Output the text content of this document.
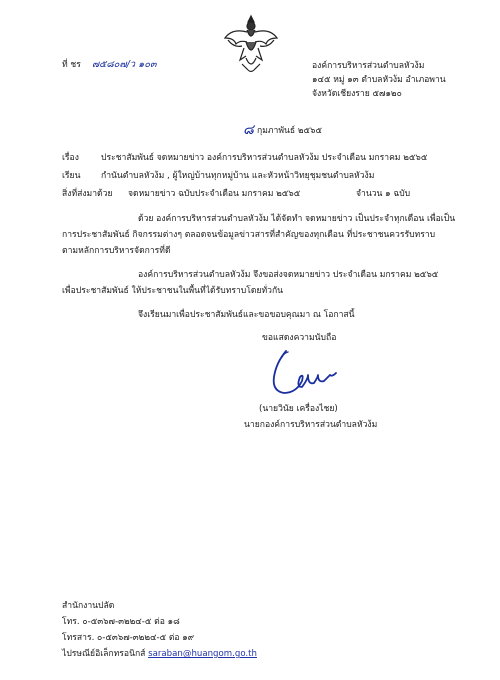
ที่ ชร ๗๕๘๐๗/ว ๑๐๓	องค์การบริหารส่วนตำบลหัวง้ม
๑๔๕ หมู่ ๑๓ ตำบลหัวง้ม อำเภอพาน
จังหวัดเชียงราย ๕๗๑๒๐
๘ กุมภาพันธ์ ๒๕๖๕
เรื่อง	ประชาสัมพันธ์ จดหมายข่าว องค์การบริหารส่วนตำบลหัวง้ม ประจำเดือน มกราคม ๒๕๖๕
เรียน กำนันตำบลหัวง้ม , ผู้ใหญ่บ้านทุกหมู่บ้าน และหัวหน้าวิทยุชุมชนตำบลหัวง้ม
สิ่งที่ส่งมาด้วย จดหมายข่าว ฉบับประจำเดือน มกราคม ๒๕๖๕	จำนวน ๑ ฉบับ
ด้วย องค์การบริหารส่วนตำบลหัวง้ม ได้จัดทำ จดหมายข่าว เป็นประจำทุกเดือน เพื่อเป็น
การประชาสัมพันธ์ กิจกรรมต่างๆ ตลอดจนข้อมูลข่าวสารที่สำคัญของทุกเดือน ที่ประชาชนควรรับทราบ
ตามหลักการบริหารจัดการที่ดี
องค์การบริหารส่วนตำบลหัวง้ม จึงขอส่งจดหมายข่าว ประจำเดือน มกราคม ๒๕๖๕
เพื่อประชาสัมพันธ์ ให้ประชาชนในพื้นที่ได้รับทราบโดยทั่วกัน
จึงเรียนมาเพื่อประชาสัมพันธ์และขอขอบคุณมา ณ โอกาสนี้
ขอแสดงความนับถือ
(นายวินัย เครื่องไชย)
นายกองค์การบริหารส่วนตำบลหัวง้ม
สำนักงานปลัด
โทร. ๐-๕๓๖๗-๓๒๒๔-๕ ต่อ ๑๘
โทรสาร. ๐-๕๓๖๗-๓๒๒๔-๕ ต่อ ๑๙
ไปรษณีย์อิเล็กทรอนิกส์ saraban@huangom.go.th
